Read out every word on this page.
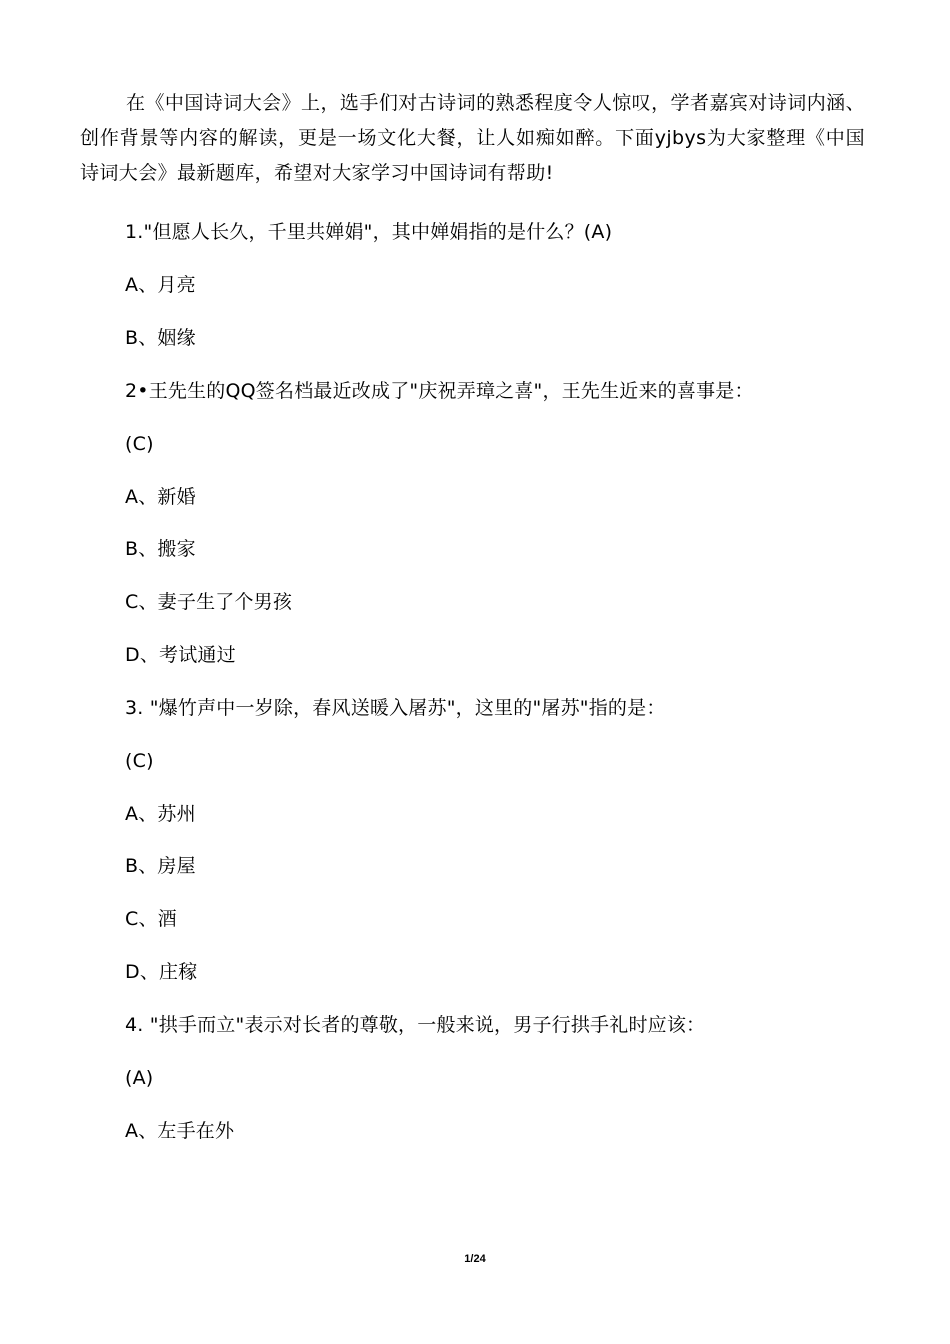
在《中国诗词大会》上，选手们对古诗词的熟悉程度令人惊叹，学者嘉宾对诗词内涵、创作背景等内容的解读，更是一场文化大餐，让人如痴如醉。下面yjbys为大家整理《中国诗词大会》最新题库，希望对大家学习中国诗词有帮助!

1."但愿人长久，千里共婵娟"，其中婵娟指的是什么？(A)

A、月亮

B、姻缘

2•王先生的QQ签名档最近改成了"庆祝弄璋之喜"，王先生近来的喜事是：

(C)

A、新婚

B、搬家

C、妻子生了个男孩

D、考试通过

3. "爆竹声中一岁除，春风送暖入屠苏"，这里的"屠苏"指的是：

(C)

A、苏州

B、房屋

C、酒

D、庄稼

4. "拱手而立"表示对长者的尊敬，一般来说，男子行拱手礼时应该：

(A)

A、左手在外

1/24
